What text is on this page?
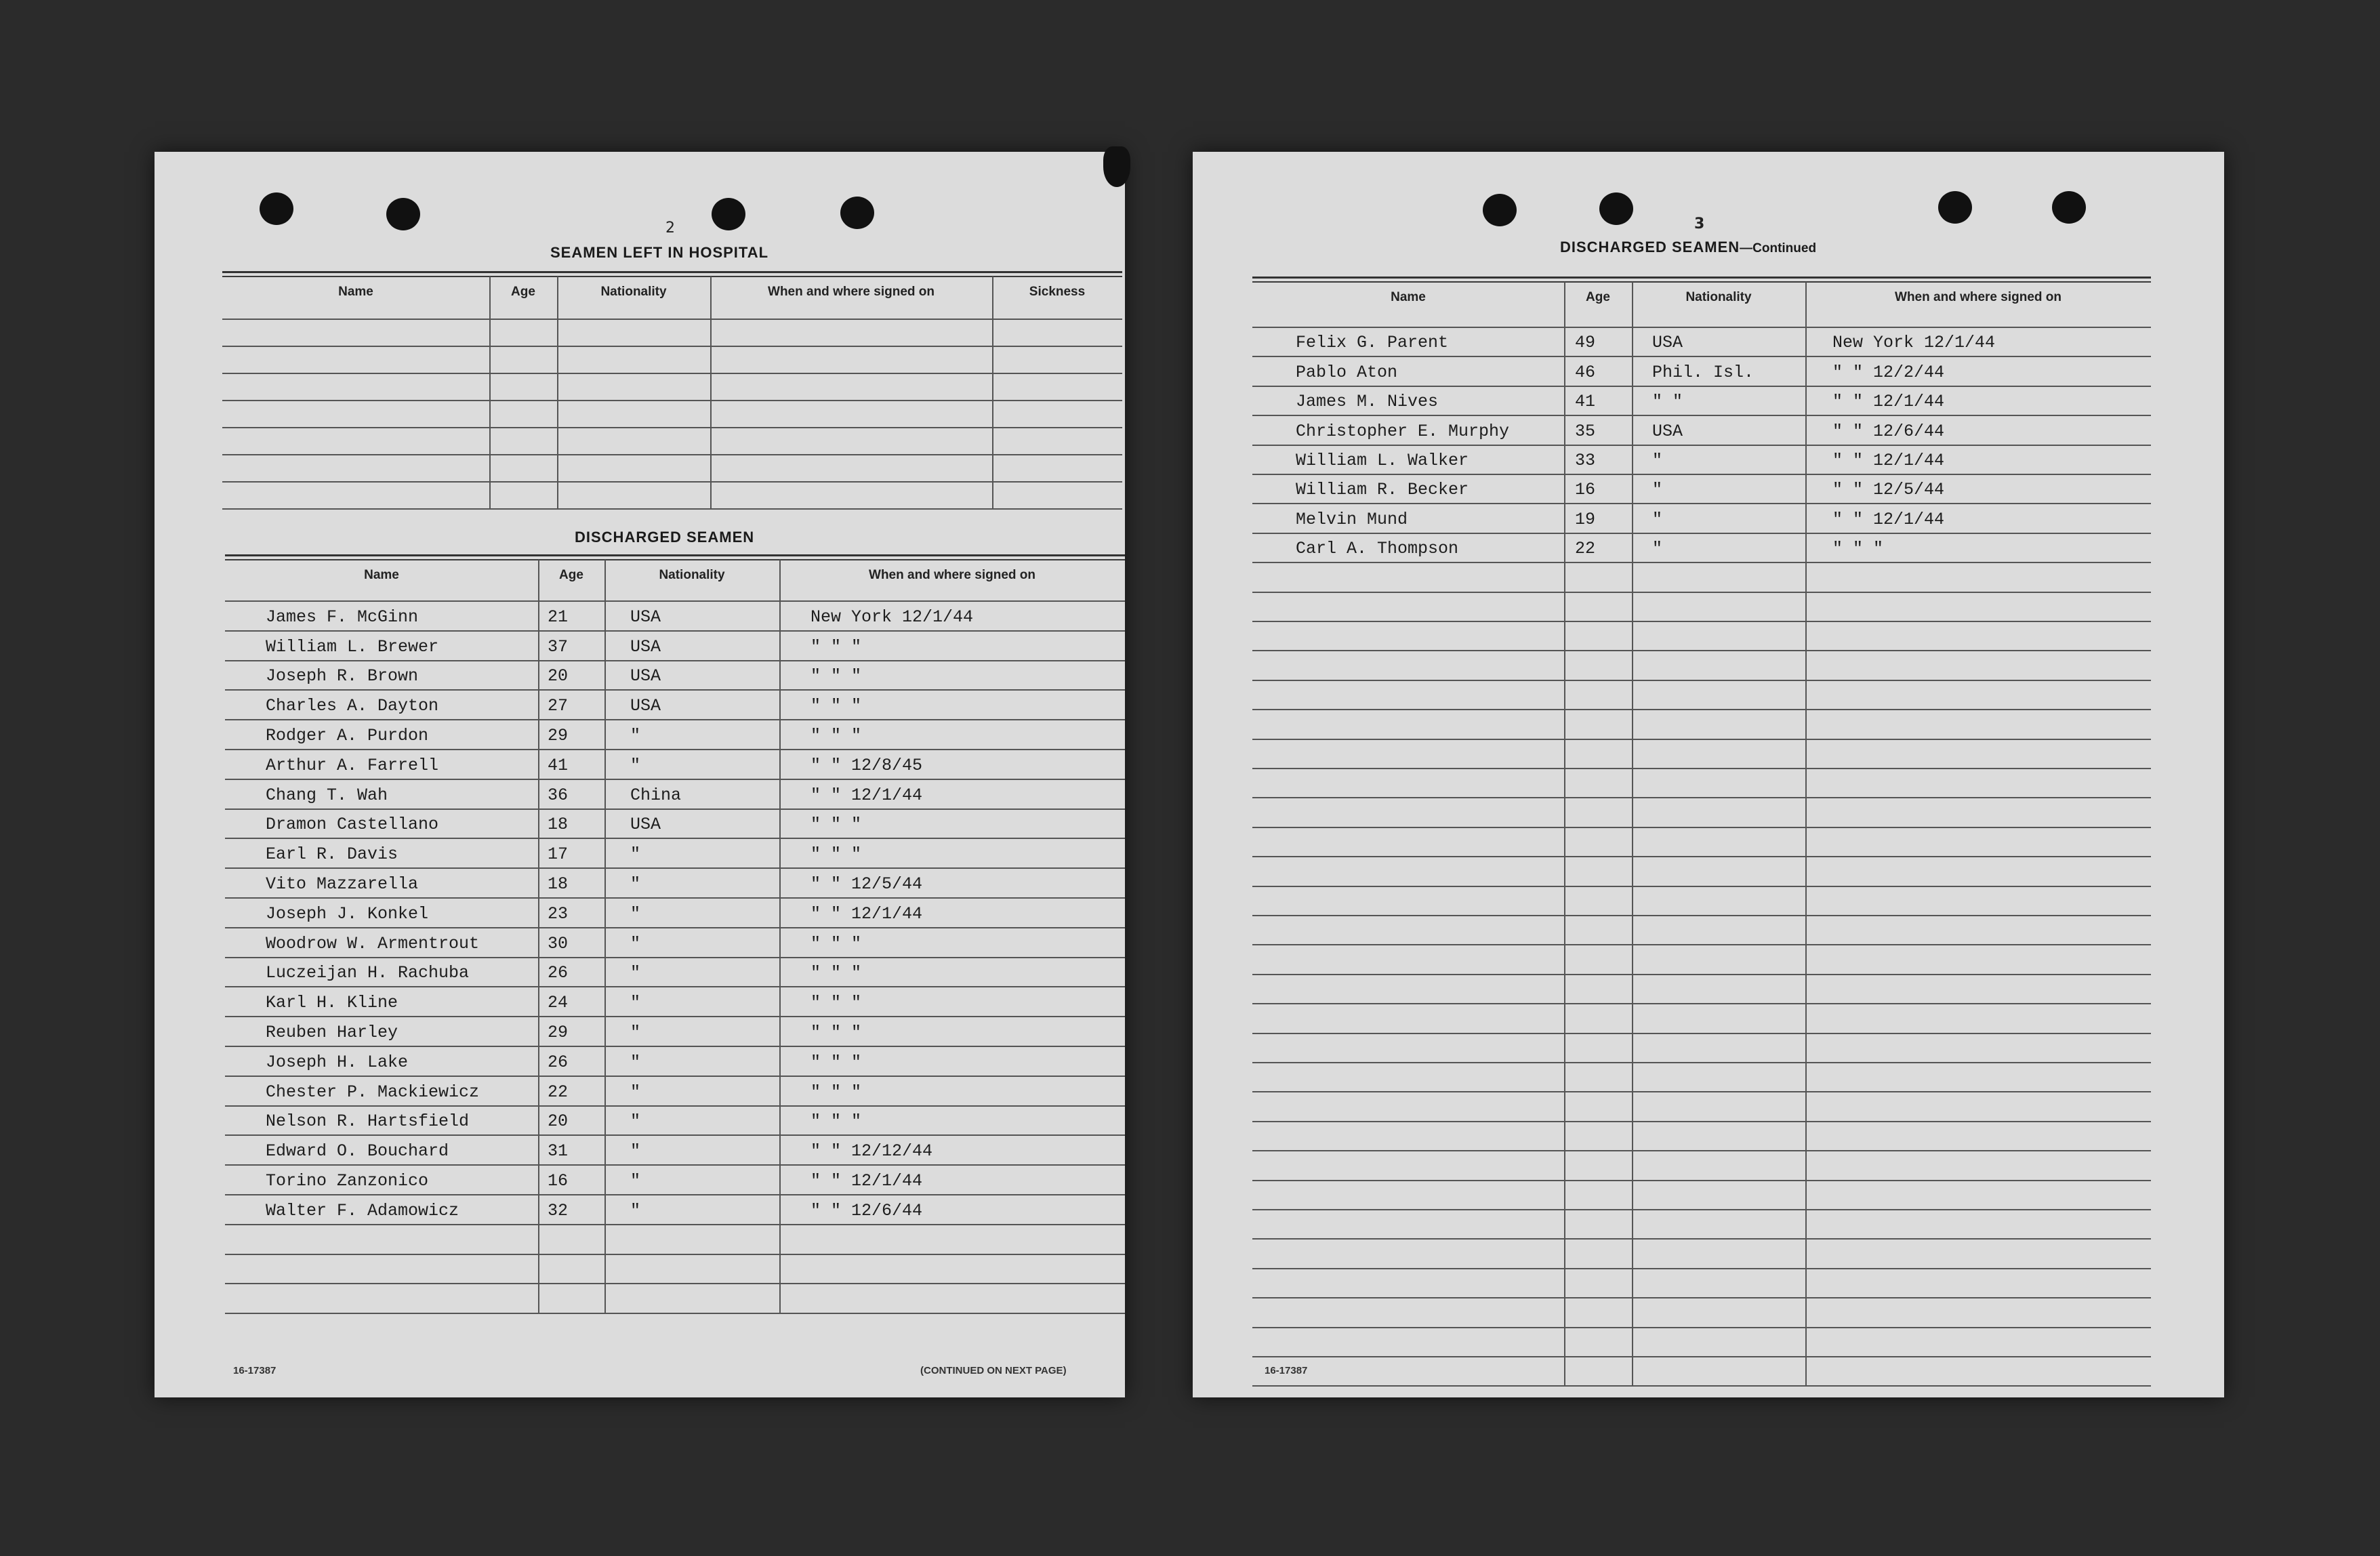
2
SEAMEN LEFT IN HOSPITAL
Name	Age	Nationality	When and where signed on	Sickness
DISCHARGED SEAMEN
Name	Age	Nationality	When and where signed on
James F. McGinn	21	USA	New York 12/1/44
William L. Brewer	37	USA	" " "
Joseph R. Brown	20	USA	" " "
Charles A. Dayton	27	USA	" " "
Rodger A. Purdon	29	"	" " "
Arthur A. Farrell	41	"	" " 12/8/45
Chang T. Wah	36	China	" " 12/1/44
Dramon Castellano	18	USA	" " "
Earl R. Davis	17	"	" " "
Vito Mazzarella	18	"	" " 12/5/44
Joseph J. Konkel	23	"	" " 12/1/44
Woodrow W. Armentrout	30	"	" " "
Luczeijan H. Rachuba	26	"	" " "
Karl H. Kline	24	"	" " "
Reuben Harley	29	"	" " "
Joseph H. Lake	26	"	" " "
Chester P. Mackiewicz	22	"	" " "
Nelson R. Hartsfield	20	"	" " "
Edward O. Bouchard	31	"	" " 12/12/44
Torino Zanzonico	16	"	" " 12/1/44
Walter F. Adamowicz	32	"	" " 12/6/44
16-17387	(CONTINUED ON NEXT PAGE)
3
DISCHARGED SEAMEN—Continued
Name	Age	Nationality	When and where signed on
Felix G. Parent	49	USA	New York 12/1/44
Pablo Aton	46	Phil. Isl.	" " 12/2/44
James M. Nives	41	" "	" " 12/1/44
Christopher E. Murphy	35	USA	" " 12/6/44
William L. Walker	33	"	" " 12/1/44
William R. Becker	16	"	" " 12/5/44
Melvin Mund	19	"	" " 12/1/44
Carl A. Thompson	22	"	" " "
16-17387
